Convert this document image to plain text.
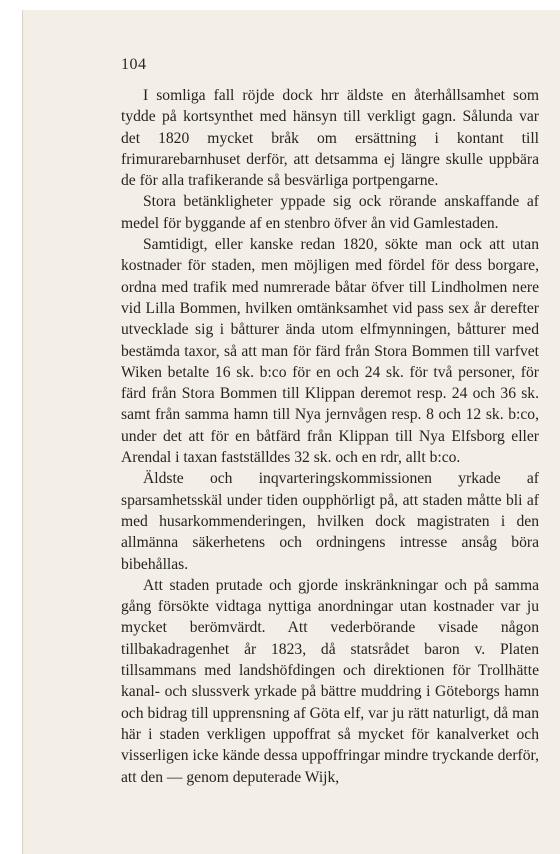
104

I somliga fall röjde dock hrr äldste en återhållsamhet som tydde på kortsynthet med hänsyn till verkligt gagn. Sålunda var det 1820 mycket bråk om ersättning i kontant till frimurarebarnhuset derför, att detsamma ej längre skulle uppbära de för alla trafikerande så besvärliga portpengarne.

Stora betänkligheter yppade sig ock rörande anskaffande af medel för byggande af en stenbro öfver ån vid Gamlestaden.

Samtidigt, eller kanske redan 1820, sökte man ock att utan kostnader för staden, men möjligen med fördel för dess borgare, ordna med trafik med numrerade båtar öfver till Lindholmen nere vid Lilla Bommen, hvilken omtänksamhet vid pass sex år derefter utvecklade sig i båtturer ända utom elfmynningen, båtturer med bestämda taxor, så att man för färd från Stora Bommen till varfvet Wiken betalte 16 sk. b:co för en och 24 sk. för två personer, för färd från Stora Bommen till Klippan deremot resp. 24 och 36 sk. samt från samma hamn till Nya jernvågen resp. 8 och 12 sk. b:co, under det att för en båtfärd från Klippan till Nya Elfsborg eller Arendal i taxan fastställdes 32 sk. och en rdr, allt b:co.

Äldste och inqvarteringskommissionen yrkade af sparsamhetsskäl under tiden oupphörligt på, att staden måtte bli af med husarkommenderingen, hvilken dock magistraten i den allmänna säkerhetens och ordningens intresse ansåg böra bibehållas.

Att staden prutade och gjorde inskränkningar och på samma gång försökte vidtaga nyttiga anordningar utan kostnader var ju mycket berömvärdt. Att vederbörande visade någon tillbakadragenhet år 1823, då statsrådet baron v. Platen tillsammans med landshöfdingen och direktionen för Trollhätte kanal- och slussverk yrkade på bättre muddring i Göteborgs hamn och bidrag till upprensning af Göta elf, var ju rätt naturligt, då man här i staden verkligen uppoffrat så mycket för kanalverket och visserligen icke kände dessa uppoffringar mindre tryckande derför, att den — genom deputerade Wijk,
